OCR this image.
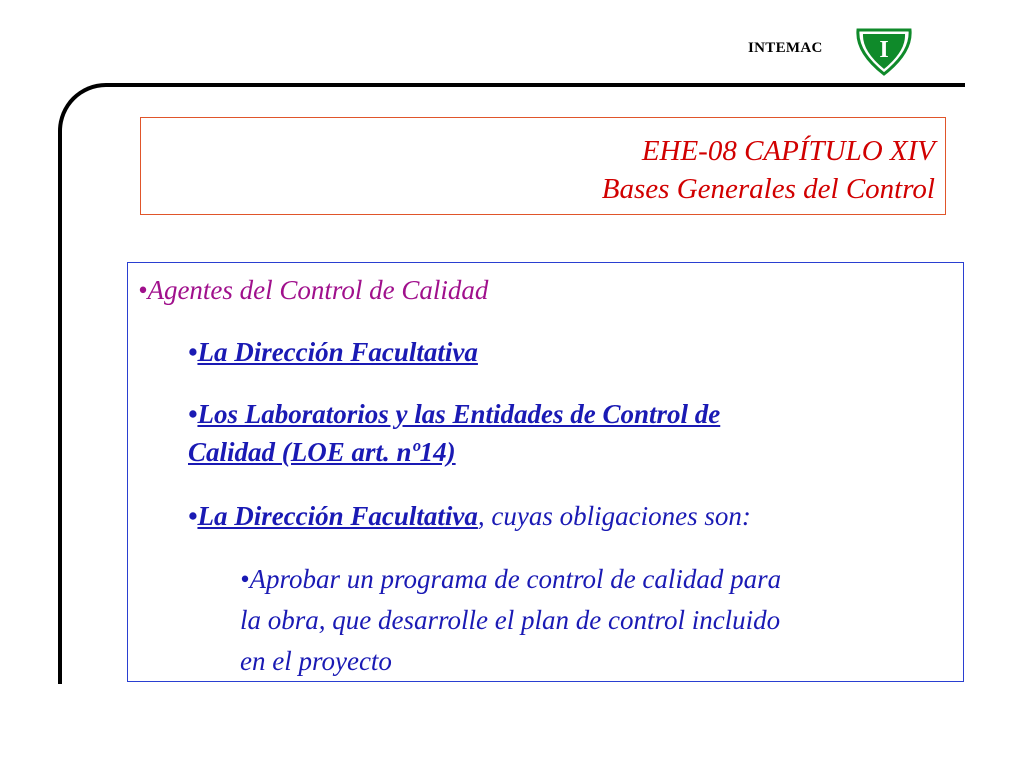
INTEMAC I
EHE-08 CAPÍTULO XIV
Bases Generales del Control
•Agentes del Control de Calidad
•La Dirección Facultativa
•Los Laboratorios y las Entidades de Control de
Calidad (LOE art. nº14)
•La Dirección Facultativa, cuyas obligaciones son:
•Aprobar un programa de control de calidad para
la obra, que desarrolle el plan de control incluido
en el proyecto
